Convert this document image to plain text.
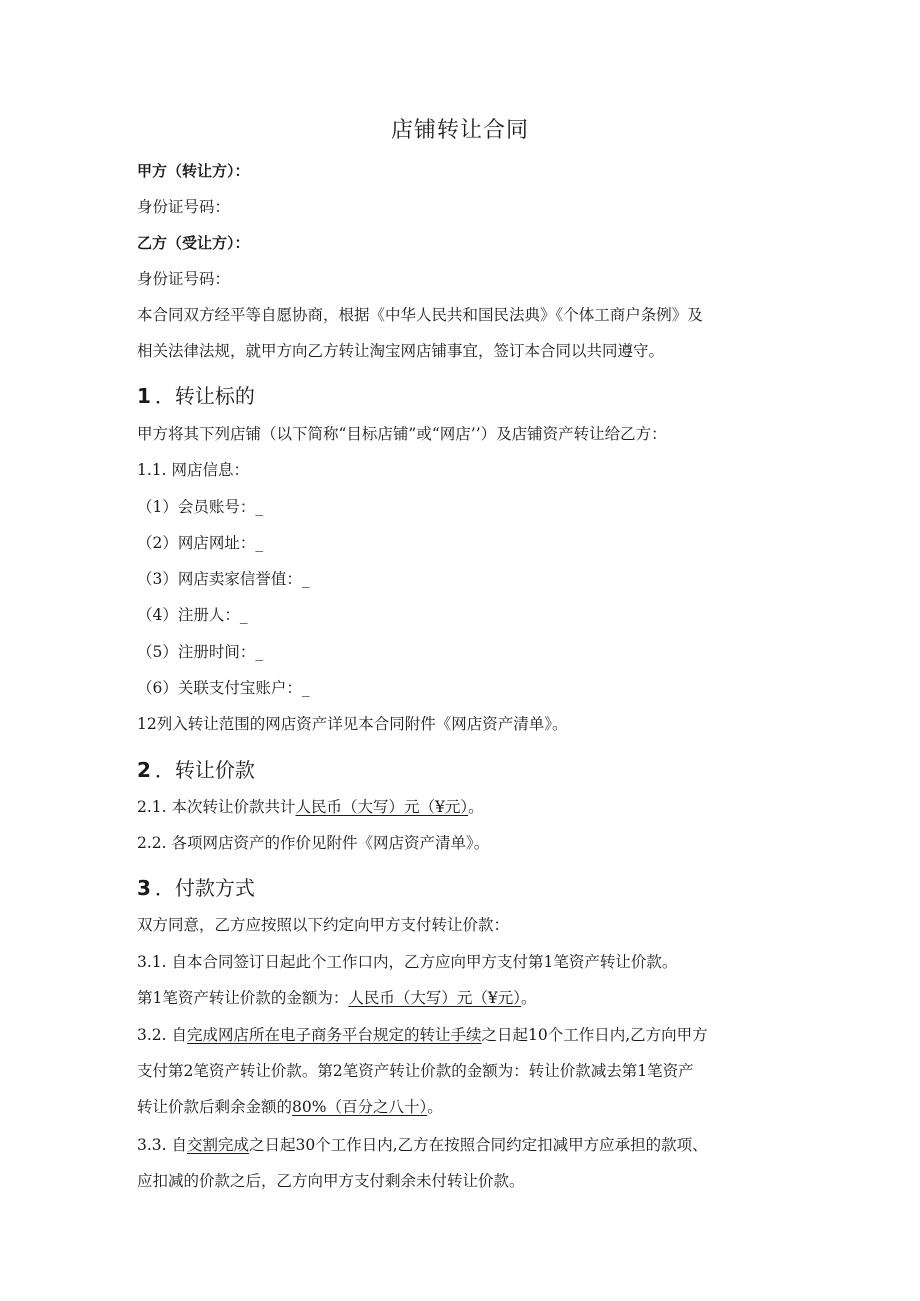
店铺转让合同
甲方（转让方）：
身份证号码：
乙方（受让方）：
身份证号码：
本合同双方经平等自愿协商，根据《中华人民共和国民法典》《个体工商户条例》及
相关法律法规，就甲方向乙方转让淘宝网店铺事宜，签订本合同以共同遵守。
1 ．转让标的
甲方将其下列店铺（以下简称“目标店铺”或“网店’’）及店铺资产转让给乙方：
1.1. 网店信息：
（1）会员账号：_
（2）网店网址：_
（3）网店卖家信誉值：_
（4）注册人：_
（5）注册时间：_
（6）关联支付宝账户：_
12列入转让范围的网店资产详见本合同附件《网店资产清单》。
2 ．转让价款
2.1. 本次转让价款共计人民币（大写）元（¥元）。
2.2. 各项网店资产的作价见附件《网店资产清单》。
3 ．付款方式
双方同意，乙方应按照以下约定向甲方支付转让价款：
3.1. 自本合同签订日起此个工作口内，乙方应向甲方支付第1笔资产转让价款。
第1笔资产转让价款的金额为：人民币（大写）元（¥元）。
3.2. 自完成网店所在电子商务平台规定的转让手续之日起10个工作日内,乙方向甲方
支付第2笔资产转让价款。第2笔资产转让价款的金额为：转让价款减去第1笔资产
转让价款后剩余金额的80%（百分之八十）。
3.3. 自交割完成之日起30个工作日内,乙方在按照合同约定扣减甲方应承担的款项、
应扣减的价款之后，乙方向甲方支付剩余未付转让价款。
